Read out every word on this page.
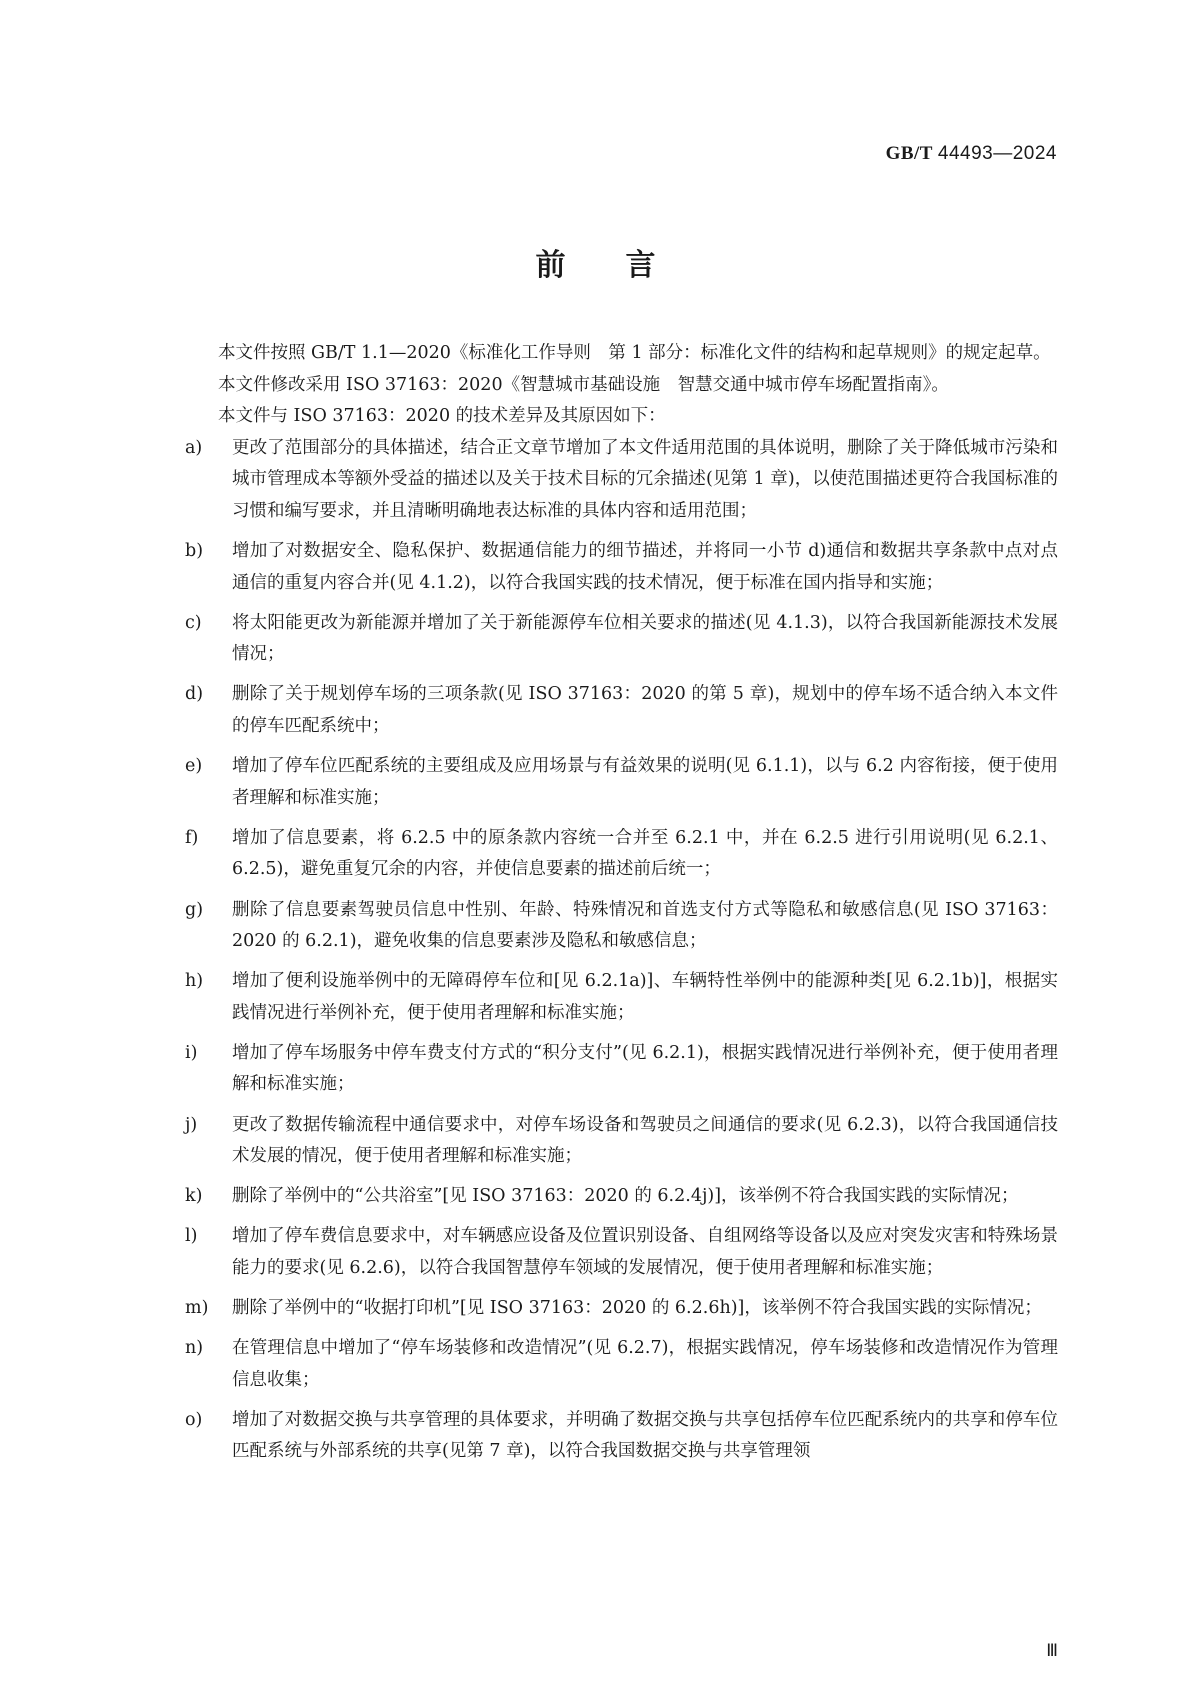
GB/T 44493—2024
前言

本文件按照 GB/T 1.1—2020《标准化工作导则　第 1 部分：标准化文件的结构和起草规则》的规定起草。

本文件修改采用 ISO 37163：2020《智慧城市基础设施　智慧交通中城市停车场配置指南》。

本文件与 ISO 37163：2020 的技术差异及其原因如下：

a) 更改了范围部分的具体描述，结合正文章节增加了本文件适用范围的具体说明，删除了关于降低城市污染和城市管理成本等额外受益的描述以及关于技术目标的冗余描述(见第 1 章)，以使范围描述更符合我国标准的习惯和编写要求，并且清晰明确地表达标准的具体内容和适用范围；
b) 增加了对数据安全、隐私保护、数据通信能力的细节描述，并将同一小节 d)通信和数据共享条款中点对点通信的重复内容合并(见 4.1.2)，以符合我国实践的技术情况，便于标准在国内指导和实施；
c) 将太阳能更改为新能源并增加了关于新能源停车位相关要求的描述(见 4.1.3)，以符合我国新能源技术发展情况；
d) 删除了关于规划停车场的三项条款(见 ISO 37163：2020 的第 5 章)，规划中的停车场不适合纳入本文件的停车匹配系统中；
e) 增加了停车位匹配系统的主要组成及应用场景与有益效果的说明(见 6.1.1)，以与 6.2 内容衔接，便于使用者理解和标准实施；
f) 增加了信息要素，将 6.2.5 中的原条款内容统一合并至 6.2.1 中，并在 6.2.5 进行引用说明(见 6.2.1、6.2.5)，避免重复冗余的内容，并使信息要素的描述前后统一；
g) 删除了信息要素驾驶员信息中性别、年龄、特殊情况和首选支付方式等隐私和敏感信息(见 ISO 37163：2020 的 6.2.1)，避免收集的信息要素涉及隐私和敏感信息；
h) 增加了便利设施举例中的无障碍停车位和[见 6.2.1a)]、车辆特性举例中的能源种类[见 6.2.1b)]，根据实践情况进行举例补充，便于使用者理解和标准实施；
i) 增加了停车场服务中停车费支付方式的“积分支付”(见 6.2.1)，根据实践情况进行举例补充，便于使用者理解和标准实施；
j) 更改了数据传输流程中通信要求中，对停车场设备和驾驶员之间通信的要求(见 6.2.3)，以符合我国通信技术发展的情况，便于使用者理解和标准实施；
k) 删除了举例中的“公共浴室”[见 ISO 37163：2020 的 6.2.4j)]，该举例不符合我国实践的实际情况；
l) 增加了停车费信息要求中，对车辆感应设备及位置识别设备、自组网络等设备以及应对突发灾害和特殊场景能力的要求(见 6.2.6)，以符合我国智慧停车领域的发展情况，便于使用者理解和标准实施；
m) 删除了举例中的“收据打印机”[见 ISO 37163：2020 的 6.2.6h)]，该举例不符合我国实践的实际情况；
n) 在管理信息中增加了“停车场装修和改造情况”(见 6.2.7)，根据实践情况，停车场装修和改造情况作为管理信息收集；
o) 增加了对数据交换与共享管理的具体要求，并明确了数据交换与共享包括停车位匹配系统内的共享和停车位匹配系统与外部系统的共享(见第 7 章)，以符合我国数据交换与共享管理领
Ⅲ
